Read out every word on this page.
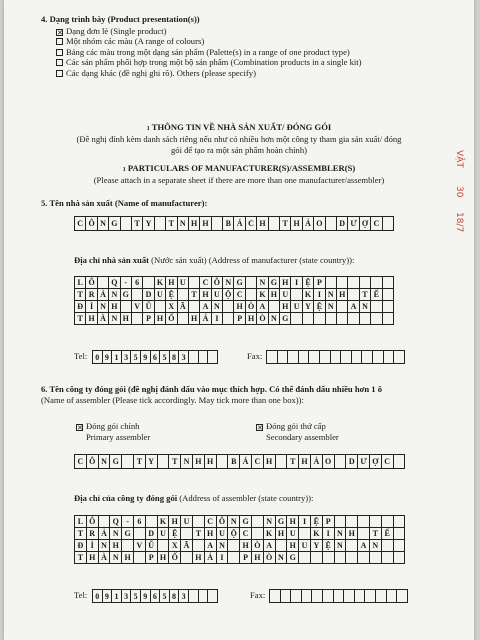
4. Dạng trình bày (Product presentation(s))
✕ Dạng đơn lẻ (Single product)
Một nhóm các màu (A range of colours)
Bảng các màu trong một dạng sản phẩm (Palette(s) in a range of one product type)
Các sản phẩm phối hợp trong một bộ sản phẩm (Combination products in a single kit)
Các dạng khác (đề nghị ghi rõ). Others (please specify)
1 THÔNG TIN VỀ NHÀ SẢN XUẤT/ ĐÓNG GÓI
(Đề nghị đính kèm danh sách riêng nếu như có nhiều hơn một công ty tham gia sản xuất/ đóng
gói để tạo ra một sản phẩm hoàn chỉnh)
1 PARTICULARS OF MANUFACTURER(S)/ASSEMBLER(S)
(Please attach in a separate sheet if there are more than one manufacturer/assembler)
5. Tên nhà sản xuất (Name of manufacturer):
C Ô N G	T Y	T N H H	B Á C H	T H Ả O	D Ư Ợ C
Địa chỉ nhà sản xuất (Nước sản xuất) (Address of manufacturer (state country)):
L Ô	Q -	6	K H U	C Ô N G	N G H I Ệ P
T R Ả N G	D U Ệ	T H U Ộ C	K H U	K I N H	T Ế
Đ Ì N H	V Ũ	X Ã	A N	H Ò A	H U Y Ệ N	A N
T H À N H	P H Ố	H Ả I	P H Ò N G
Tel: 0 9 1 3 5 9 6 5 8 3	Fax:
6. Tên công ty đóng gói (đề nghị đánh dấu vào mục thích hợp. Có thể đánh dấu nhiều hơn 1 ô
(Name of assembler (Please tick accordingly. May tick more than one box)):
✕ Đóng gói chính
Primary assembler
✕ Đóng gói thứ cấp
Secondary assembler
C Ô N G	T Y	T N H H	B Á C H	T H Ả O	D Ư Ợ C
Địa chỉ của công ty đóng gói (Address of assembler (state country)):
L Ô	Q -	6	K H U	C Ô N G	N G H I Ệ P
T R Ả N G	D U Ệ	T H U Ộ C	K H U	K I N H	T Ế
Đ Ì N H	V Ũ	X Ã	A N	H Ò A	H U Y Ệ N	A N
T H À N H	P H Ố	H Ả I	P H Ò N G
Tel: 0 9 1 3 5 9 6 5 8 3	Fax:
VẬT
30
18/7
